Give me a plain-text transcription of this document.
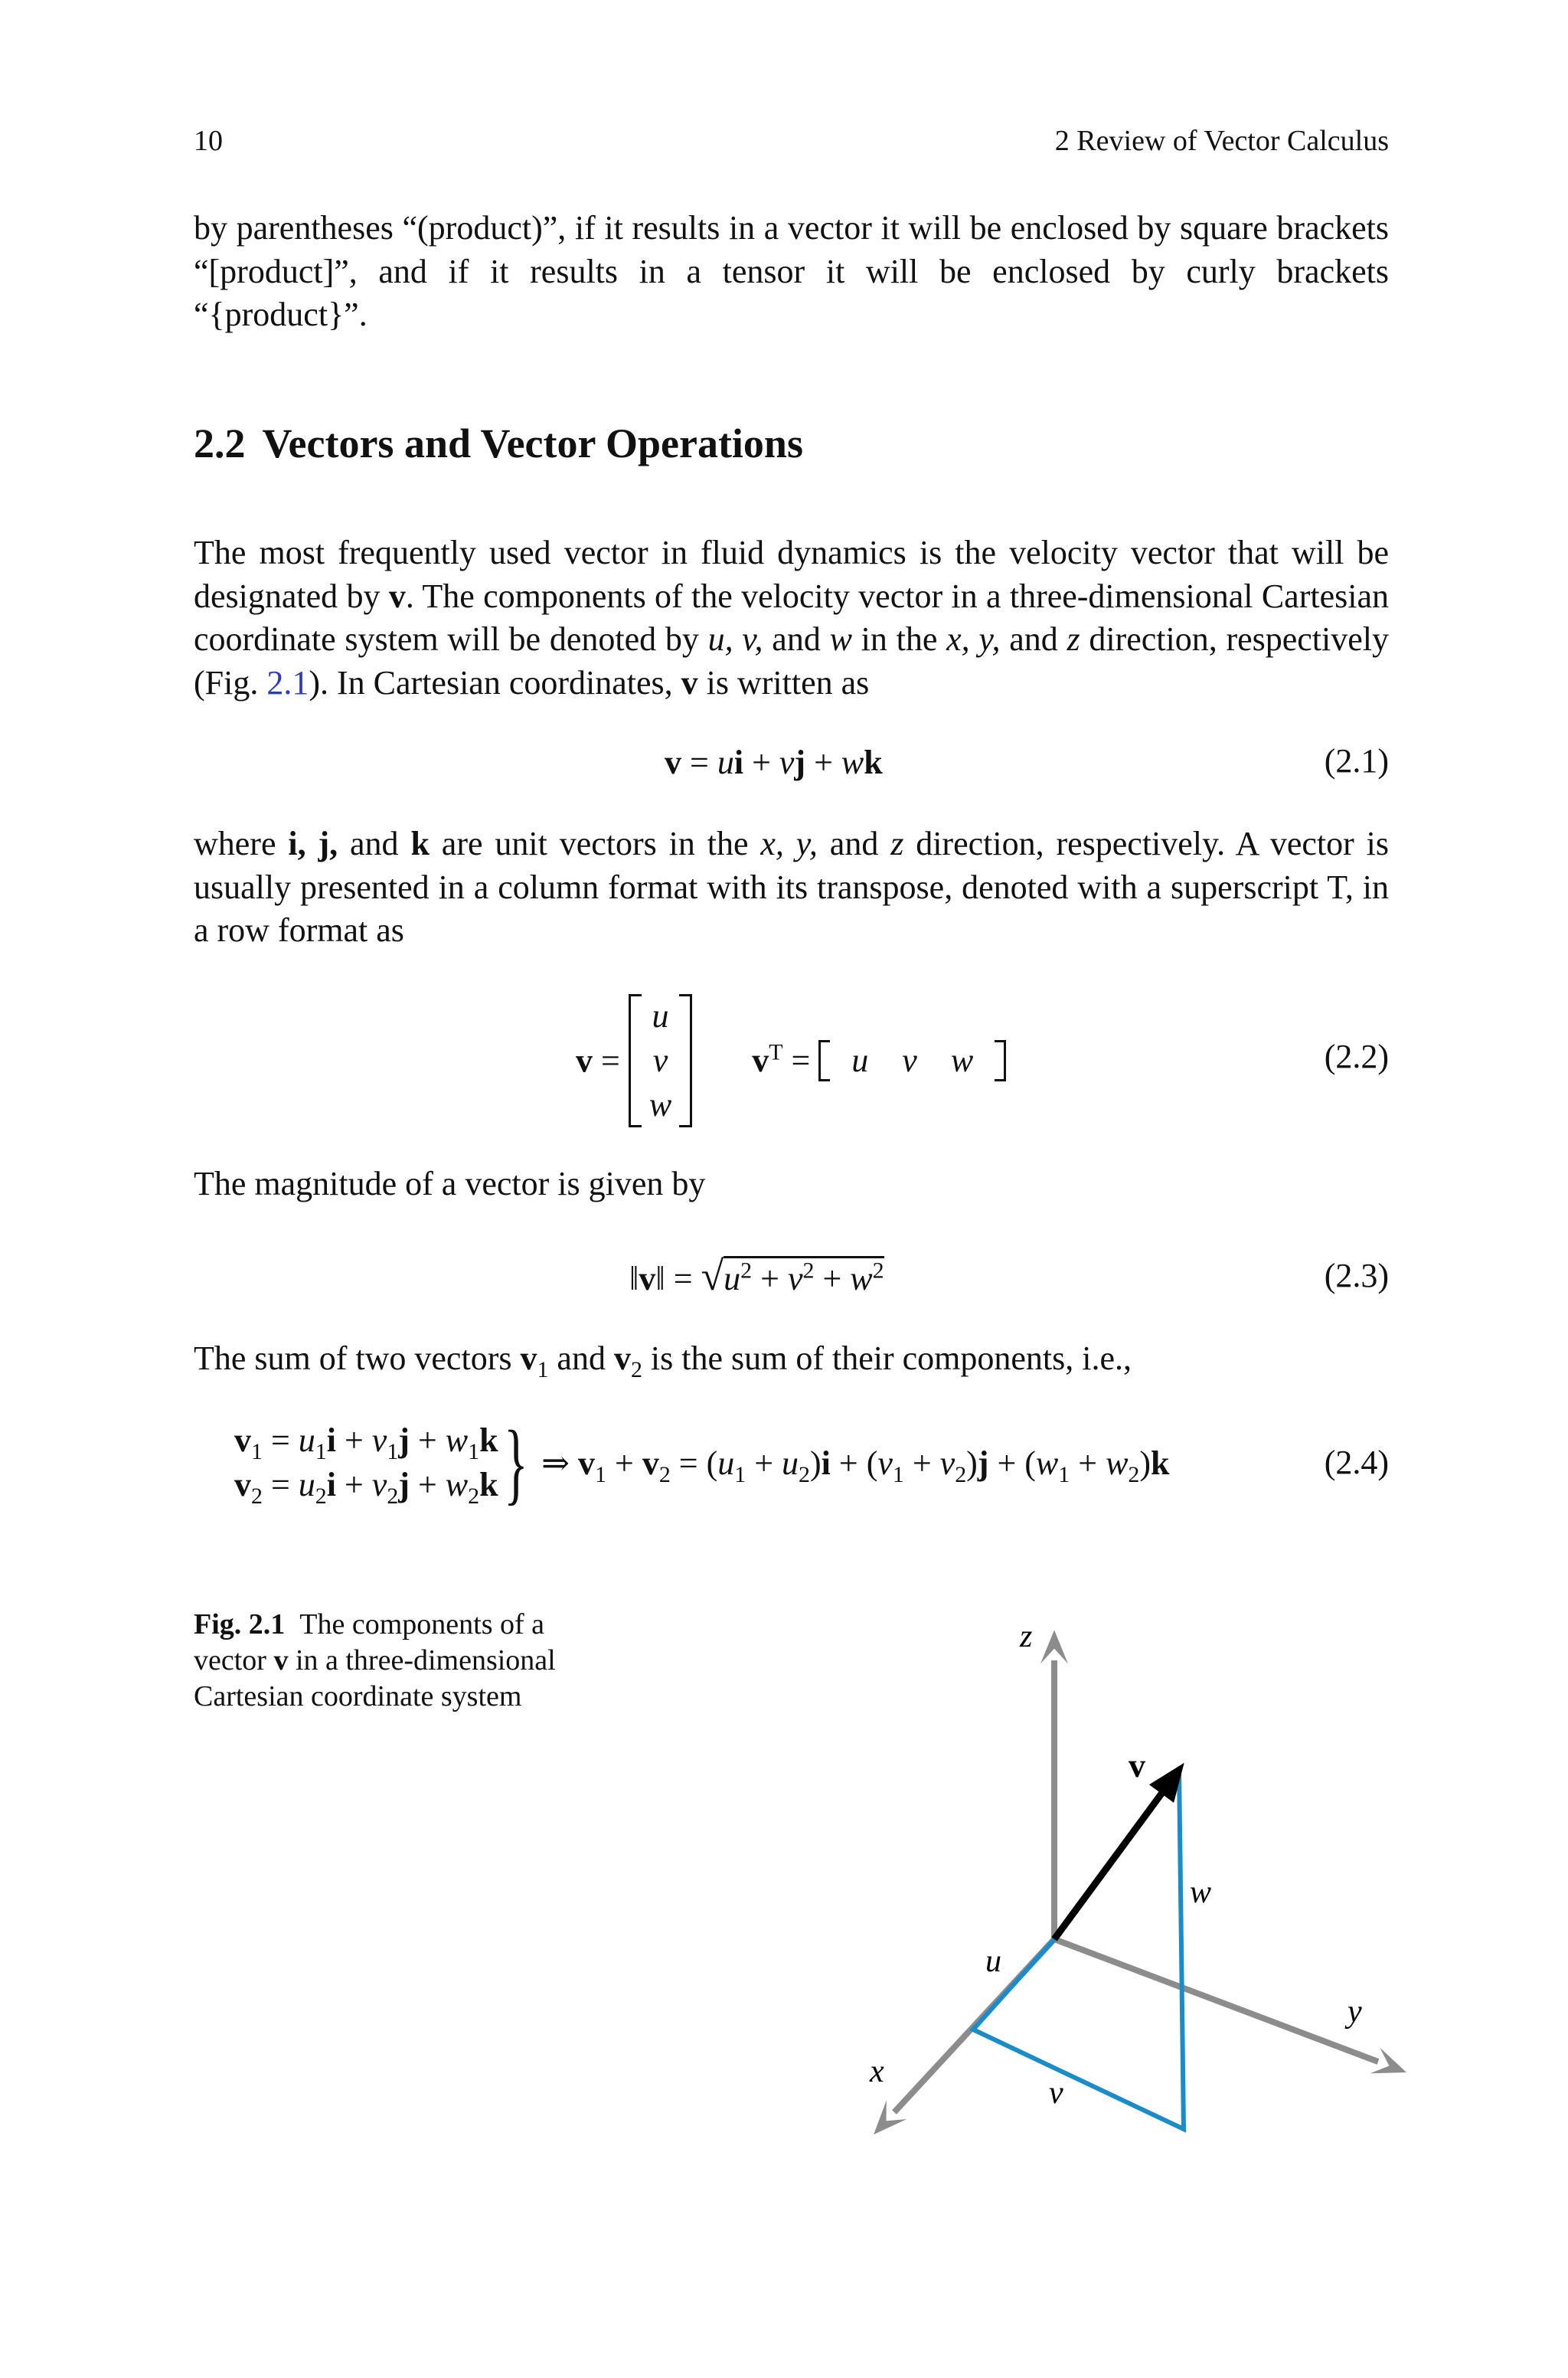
10	2 Review of Vector Calculus
by parentheses “(product)”, if it results in a vector it will be enclosed by square brackets “[product]”, and if it results in a tensor it will be enclosed by curly brackets “{product}”.
2.2 Vectors and Vector Operations
The most frequently used vector in fluid dynamics is the velocity vector that will be designated by v. The components of the velocity vector in a three-dimensional Cartesian coordinate system will be denoted by u, v, and w in the x, y, and z direction, respectively (Fig. 2.1). In Cartesian coordinates, v is written as
v = ui + vj + wk	(2.1)
where i, j, and k are unit vectors in the x, y, and z direction, respectively. A vector is usually presented in a column format with its transpose, denoted with a superscript T, in a row format as
v = u
v
w  $v^T = u$ v w	(2.2)
The magnitude of a vector is given by
‖v‖ = $√u^2 + v^2 + w^2$	(2.3)
The sum of two vectors $v_1$ and $v_2$ is the sum of their components, i.e.,
$v_1 = u_1i + v_1j + w_1k$
$v_2 = u_2i + v_2j + w_2k$} ⇒ $v_1 + v_2 = (u_1 + u_2)i + (v_1 + v_2)j + (w_1 + w_2)k$	(2.4)
Fig. 2.1 The components of a vector v in a three-dimensional Cartesian coordinate system
z
y
x
v
w
u
v
